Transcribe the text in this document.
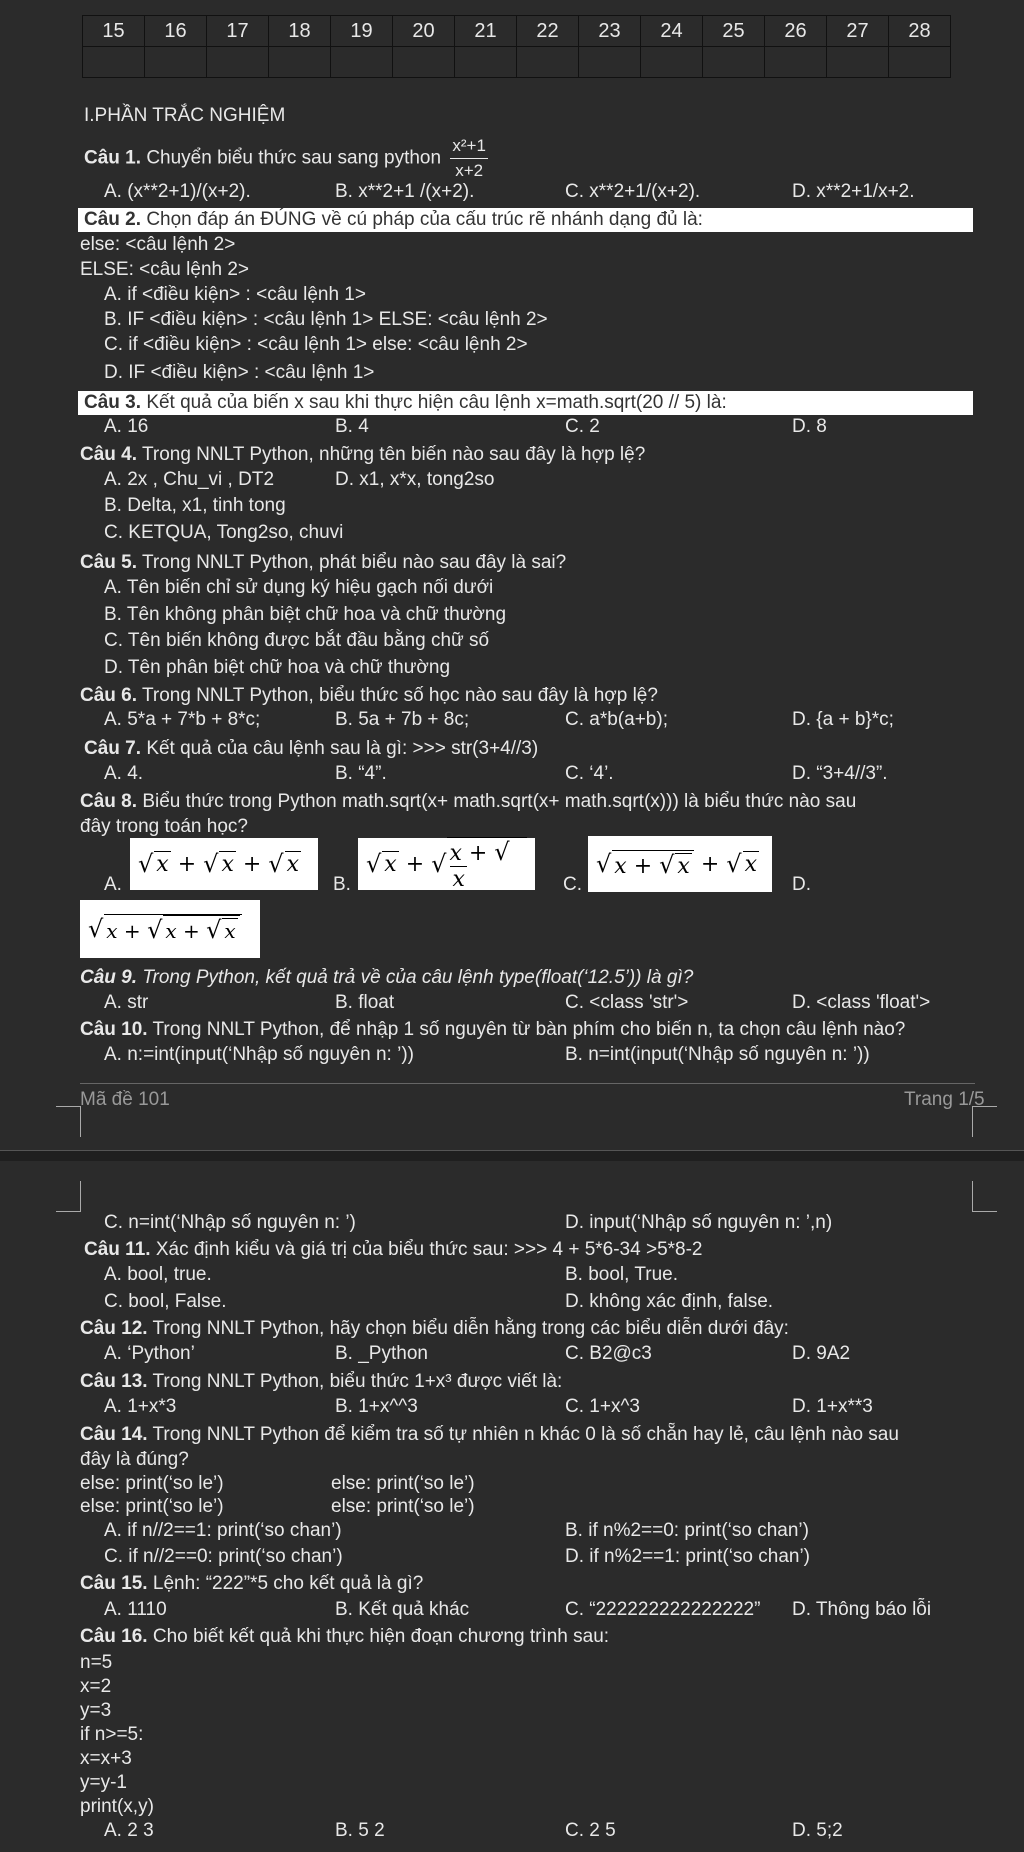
15	16	17	18	19	20	21	22	23	24	25	26	27	28

I.PHẦN TRẮC NGHIỆM
Câu 1. Chuyển biểu thức sau sang python $\frac{\text{x²+1}}{x+2}$
A. (x**2+1)/(x+2).	B. x**2+1 /(x+2).	C. x**2+1/(x+2).	D. x**2+1/x+2.
Câu 2. Chọn đáp án ĐÚNG về cú pháp của cấu trúc rẽ nhánh dạng đủ là:
else: <câu lệnh 2>
ELSE: <câu lệnh 2>
A. if <điều kiện> : <câu lệnh 1>
B. IF <điều kiện> : <câu lệnh 1> ELSE: <câu lệnh 2>
C. if <điều kiện> : <câu lệnh 1> else: <câu lệnh 2>
D. IF <điều kiện> : <câu lệnh 1>
Câu 3. Kết quả của biến x sau khi thực hiện câu lệnh x=math.sqrt(20 // 5) là:
A. 16	B. 4	C. 2	D. 8
Câu 4. Trong NNLT Python, những tên biến nào sau đây là hợp lệ?
A. 2x , Chu_vi , DT2	D. x1, x*x, tong2so
B. Delta, x1, tinh tong
C. KETQUA, Tong2so, chuvi
Câu 5. Trong NNLT Python, phát biểu nào sau đây là sai?
A. Tên biến chỉ sử dụng ký hiệu gạch nối dưới
B. Tên không phân biệt chữ hoa và chữ thường
C. Tên biến không được bắt đầu bằng chữ số
D. Tên phân biệt chữ hoa và chữ thường
Câu 6. Trong NNLT Python, biểu thức số học nào sau đây là hợp lệ?
A. 5*a + 7*b + 8*c;	B. 5a + 7b + 8c;	C. a*b(a+b);	D. {a + b}*c;
Câu 7. Kết quả của câu lệnh sau là gì: >>> str(3+4//3)
A. 4.	B. “4”.	C. ‘4’.	D. “3+4//3”.
Câu 8. Biểu thức trong Python math.sqrt(x+ math.sqrt(x+ math.sqrt(x))) là biểu thức nào sau
đây trong toán học?
A.
√ x + √ x + √ x
B.
√ x + √ x + √x	C.
√ x + √ x + √ x
D.
√ x + √ x + √ x
Câu 9. Trong Python, kết quả trả về của câu lệnh type(float(‘12.5’)) là gì?
A. str	B. float	C. <class 'str'>	D. <class 'float'>
Câu 10. Trong NNLT Python, để nhập 1 số nguyên từ bàn phím cho biến n, ta chọn câu lệnh nào?
A. n:=int(input(‘Nhập số nguyên n: ’))	B. n=int(input(‘Nhập số nguyên n: ’))
Mã đề 101	Trang 1/5
C. n=int(‘Nhập số nguyên n: ’)	D. input(‘Nhập số nguyên n: ’,n)
Câu 11. Xác định kiểu và giá trị của biểu thức sau: >>> 4 + 5*6-34 >5*8-2
A. bool, true.	B. bool, True.
C. bool, False.	D. không xác định, false.
Câu 12. Trong NNLT Python, hãy chọn biểu diễn hằng trong các biểu diễn dưới đây:
A. ‘Python’	B. _Python	C. B2@c3	D. 9A2
Câu 13. Trong NNLT Python, biểu thức 1+x³ được viết là:
A. 1+x*3	B. 1+x^^3	C. 1+x^3	D. 1+x**3
Câu 14. Trong NNLT Python để kiểm tra số tự nhiên n khác 0 là số chẵn hay lẻ, câu lệnh nào sau
đây là đúng?
else: print(‘so le’)	else: print(‘so le’)
else: print(‘so le’)	else: print(‘so le’)
A. if n//2==1: print(‘so chan’)	B. if n%2==0: print(‘so chan’)
C. if n//2==0: print(‘so chan’)	D. if n%2==1: print(‘so chan’)
Câu 15. Lệnh: “222”*5 cho kết quả là gì?
A. 1110	B. Kết quả khác	C. “222222222222222” D. Thông báo lỗi
Câu 16. Cho biết kết quả khi thực hiện đoạn chương trình sau:
n=5
x=2
y=3
if n>=5:
x=x+3
y=y-1
print(x,y)
A. 2 3	B. 5 2	C. 2 5	D. 5;2
